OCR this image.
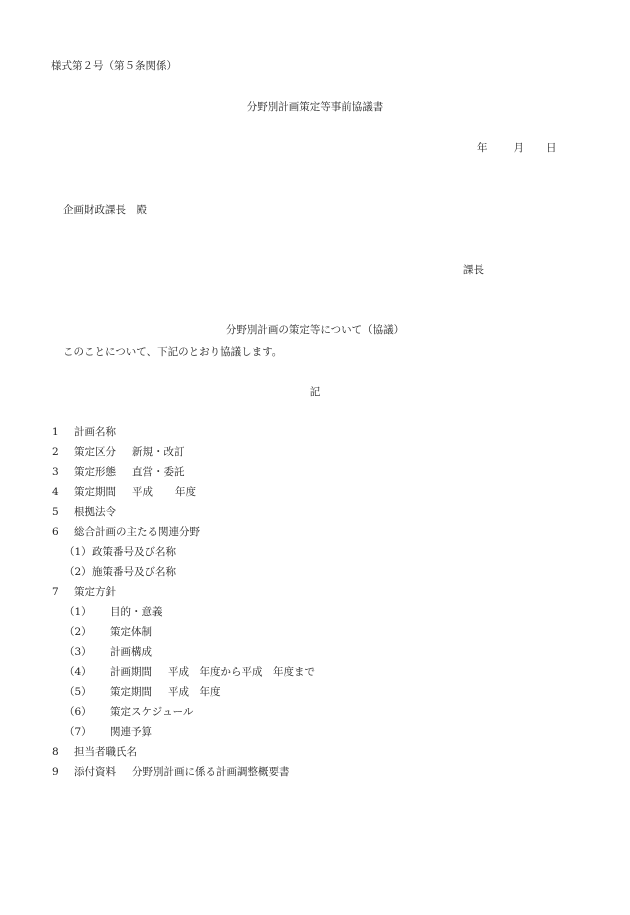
様式第２号（第５条関係）
分野別計画策定等事前協議書
年 月 日
企画財政課長　殿
課長
分野別計画の策定等について（協議）
このことについて、下記のとおり協議します。
記
1 計画名称
2 策定区分 新規・改訂
3 策定形態 直営・委託
4 策定期間 平成 年度
5 根拠法令
6 総合計画の主たる関連分野
（1） 政策番号及び名称
（2） 施策番号及び名称
7 策定方針
（1） 目的・意義
（2） 策定体制
（3） 計画構成
（4） 計画期間 平成　年度から平成　年度まで
（5） 策定期間 平成　年度
（6） 策定スケジュール
（7） 関連予算
8 担当者職氏名
9 添付資料 分野別計画に係る計画調整概要書
